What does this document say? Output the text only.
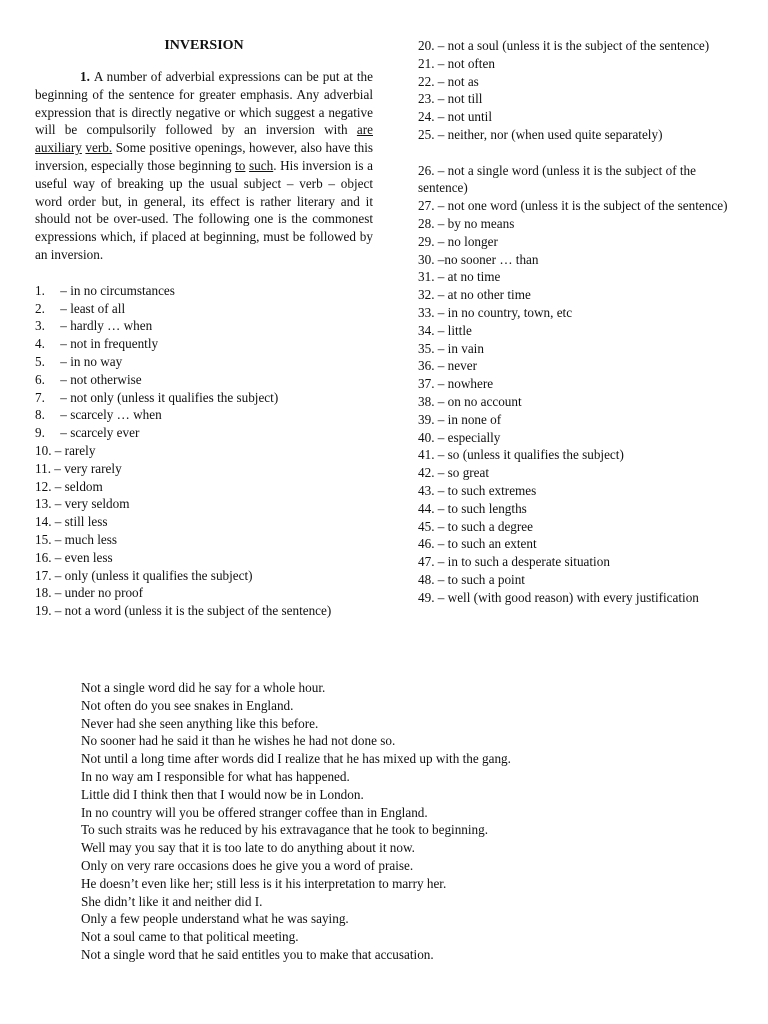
INVERSION

1. A number of adverbial expressions can be put at the beginning of the sentence for greater emphasis. Any adverbial expression that is directly negative or which suggest a negative will be compulsorily followed by an inversion with are auxiliary verb. Some positive openings, however, also have this inversion, especially those beginning to such. His inversion is a useful way of breaking up the usual subject – verb – object word order but, in general, its effect is rather literary and it should not be over-used. The following one is the commonest expressions which, if placed at beginning, must be followed by an inversion.

1. – in no circumstances
2. – least of all
3. – hardly … when
4. – not in frequently
5. – in no way
6. – not otherwise
7. – not only (unless it qualifies the subject)
8. – scarcely … when
9. – scarcely ever
10. – rarely
11. – very rarely
12. – seldom
13. – very seldom
14. – still less
15. – much less
16. – even less
17. – only (unless it qualifies the subject)
18. – under no proof
19. – not a word (unless it is the subject of the sentence)
20. – not a soul (unless it is the subject of the sentence)
21. – not often
22. – not as
23. – not till
24. – not until
25. – neither, nor (when used quite separately)
26. – not a single word (unless it is the subject of the sentence)
27. – not one word (unless it is the subject of the sentence)
28. – by no means
29. – no longer
30. –no sooner … than
31. – at no time
32. – at no other time
33. – in no country, town, etc
34. – little
35. – in vain
36. – never
37. – nowhere
38. – on no account
39. – in none of
40. – especially
41. – so (unless it qualifies the subject)
42. – so great
43. – to such extremes
44. – to such lengths
45. – to such a degree
46. – to such an extent
47. – in to such a desperate situation
48. – to such a point
49. – well (with good reason) with every justification
Not a single word did he say for a whole hour.
Not often do you see snakes in England.
Never had she seen anything like this before.
No sooner had he said it than he wishes he had not done so.
Not until a long time after words did I realize that he has mixed up with the gang.
In no way am I responsible for what has happened.
Little did I think then that I would now be in London.
In no country will you be offered stranger coffee than in England.
To such straits was he reduced by his extravagance that he took to beginning.
Well may you say that it is too late to do anything about it now.
Only on very rare occasions does he give you a word of praise.
He doesn’t even like her; still less is it his interpretation to marry her.
She didn’t like it and neither did I.
Only a few people understand what he was saying.
Not a soul came to that political meeting.
Not a single word that he said entitles you to make that accusation.
